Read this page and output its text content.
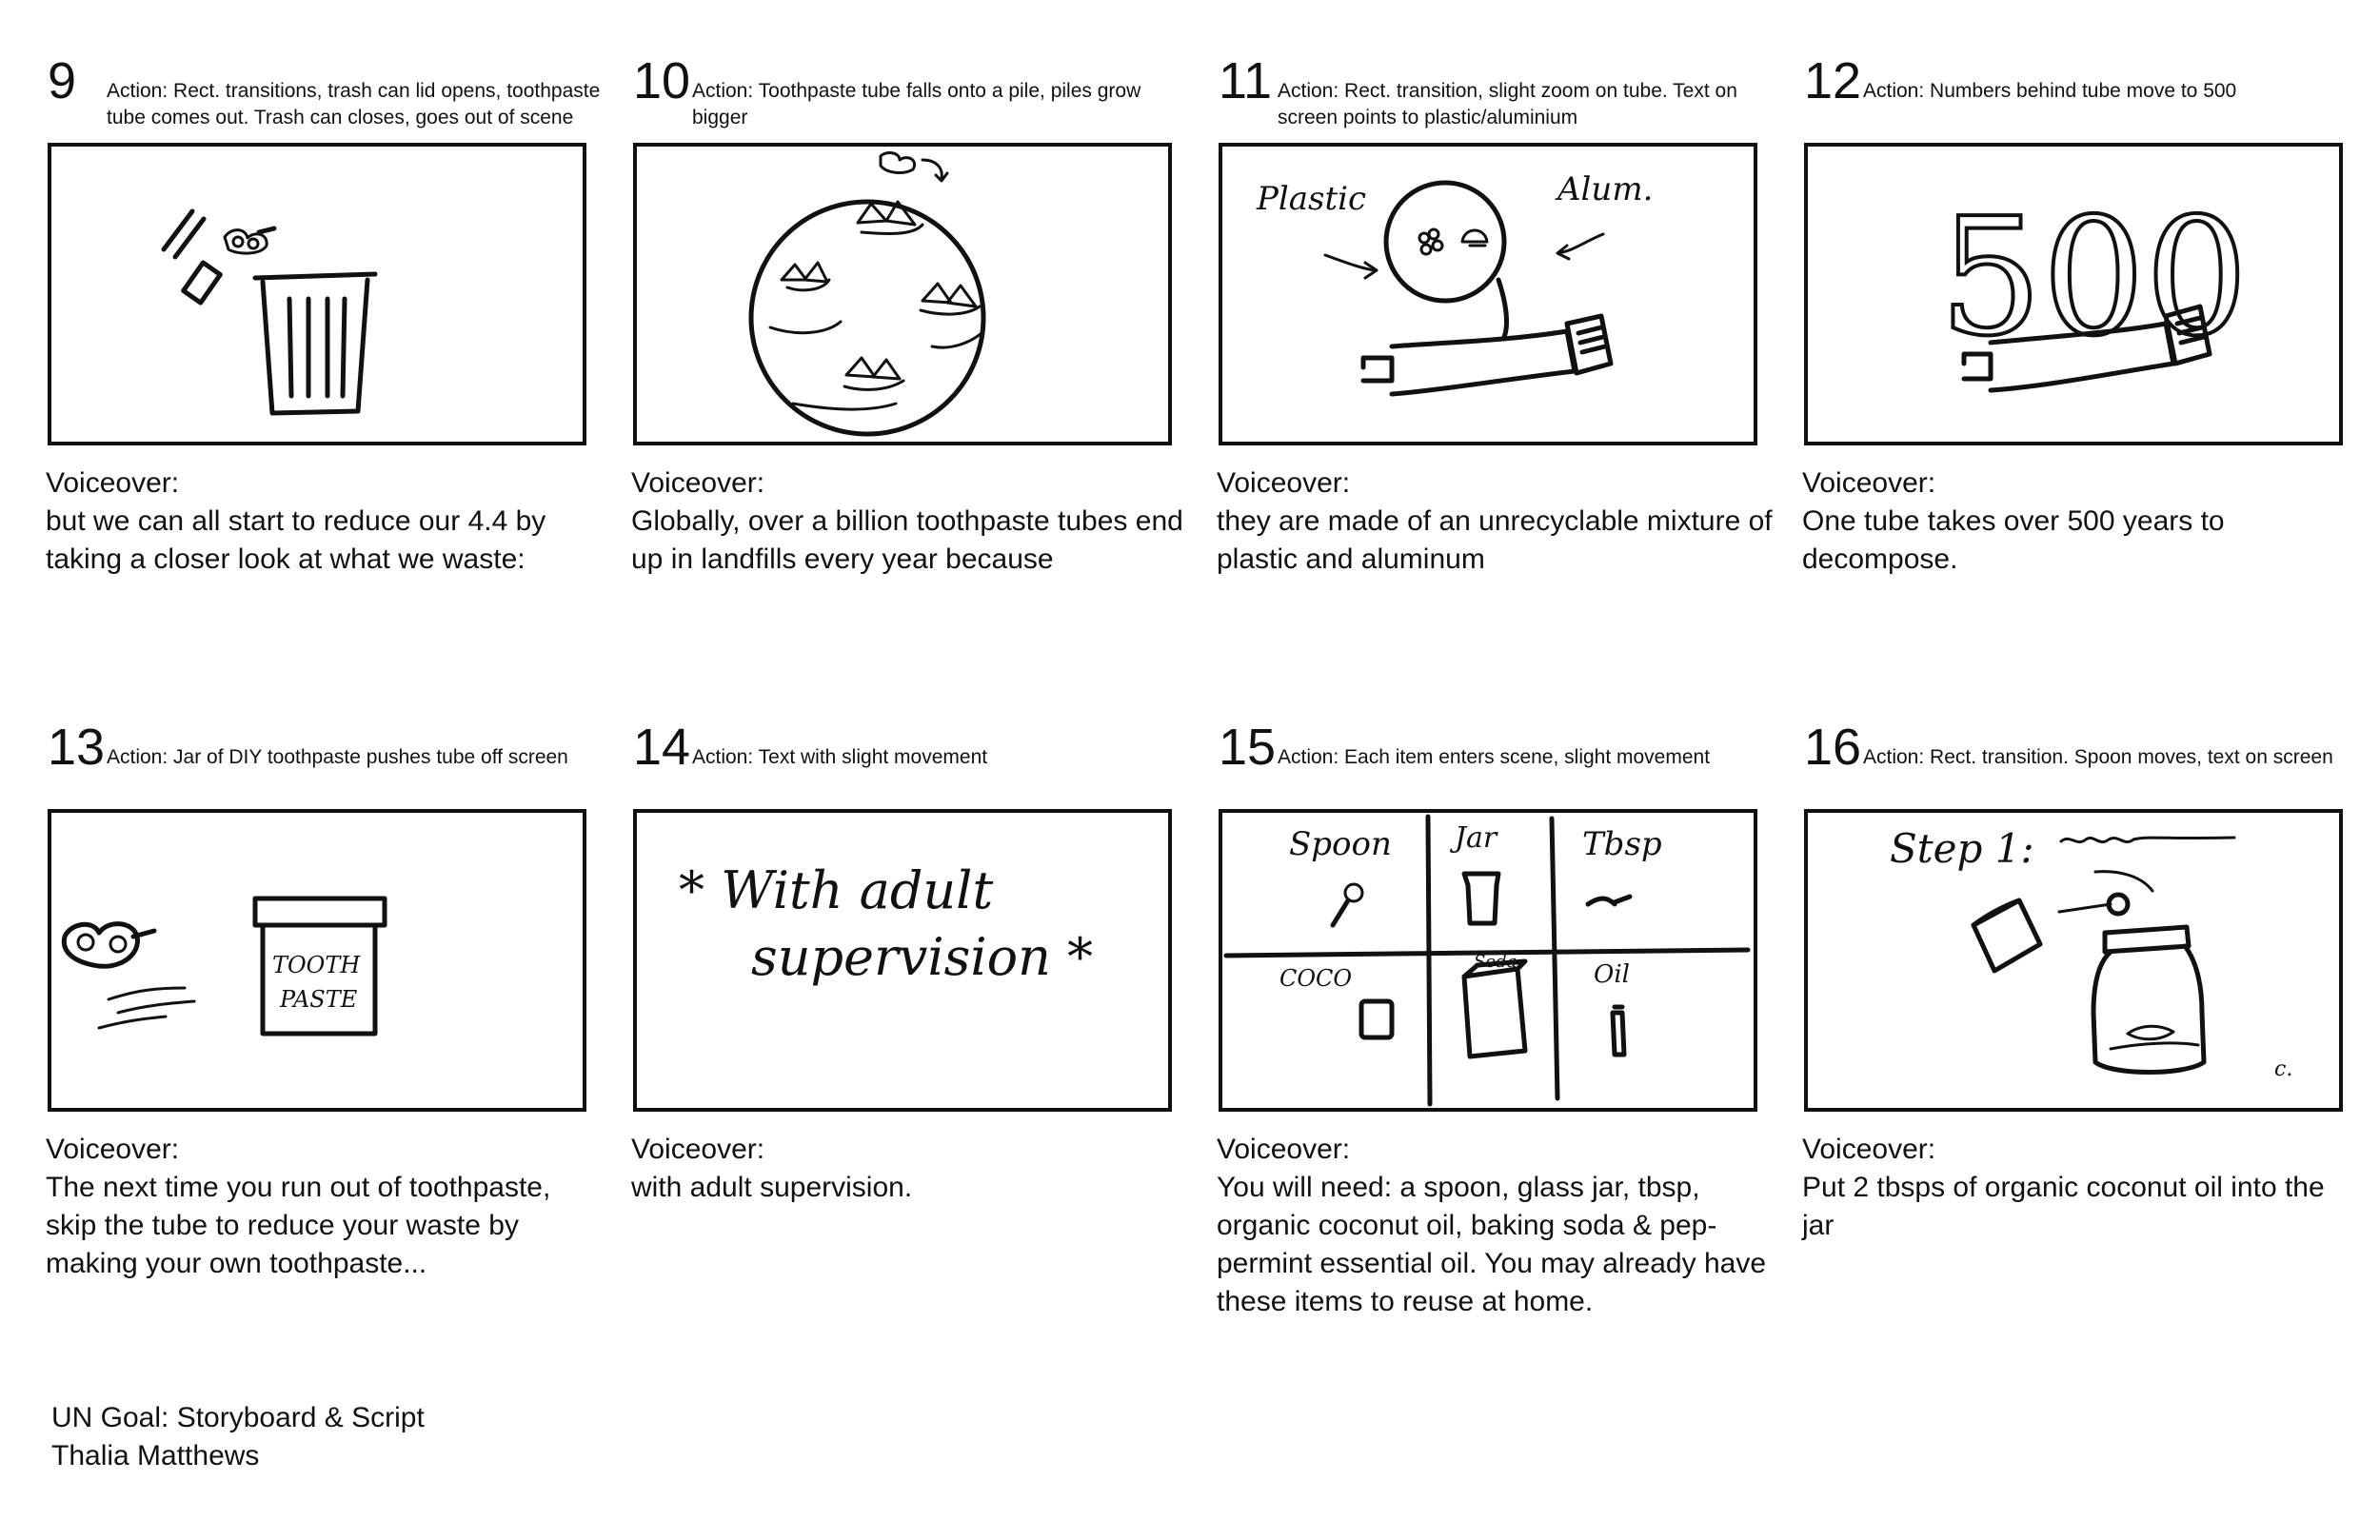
9 Action: Rect. transitions, trash can lid opens, toothpaste tube comes out. Trash can closes, goes out of scene
Voiceover:
but we can all start to reduce our 4.4 by taking a closer look at what we waste:
10 Action: Toothpaste tube falls onto a pile, piles grow bigger
Voiceover:
Globally, over a billion toothpaste tubes end up in landfills every year because
11 Action: Rect. transition, slight zoom on tube. Text on screen points to plastic/aluminium
Plastic	Alum.
Voiceover:
they are made of an unrecyclable mixture of plastic and aluminum
12 Action: Numbers behind tube move to 500
500
Voiceover:
One tube takes over 500 years to decompose.
13 Action: Jar of DIY toothpaste pushes tube off screen
TOOTH
PASTE
Voiceover:
The next time you run out of toothpaste, skip the tube to reduce your waste by making your own toothpaste...
14 Action: Text with slight movement
* With adult
supervision *
Voiceover:
with adult supervision.
15 Action: Each item enters scene, slight movement
Spoon Jar	Tbsp
COCO
Soda	Oil
Voiceover:
You will need: a spoon, glass jar, tbsp, organic coconut oil, baking soda & pep-permint essential oil. You may already have these items to reuse at home.
16 Action: Rect. transition. Spoon moves, text on screen
Step 1:
c.
Voiceover:
Put 2 tbsps of organic coconut oil into the jar
UN Goal: Storyboard & Script
Thalia Matthews
